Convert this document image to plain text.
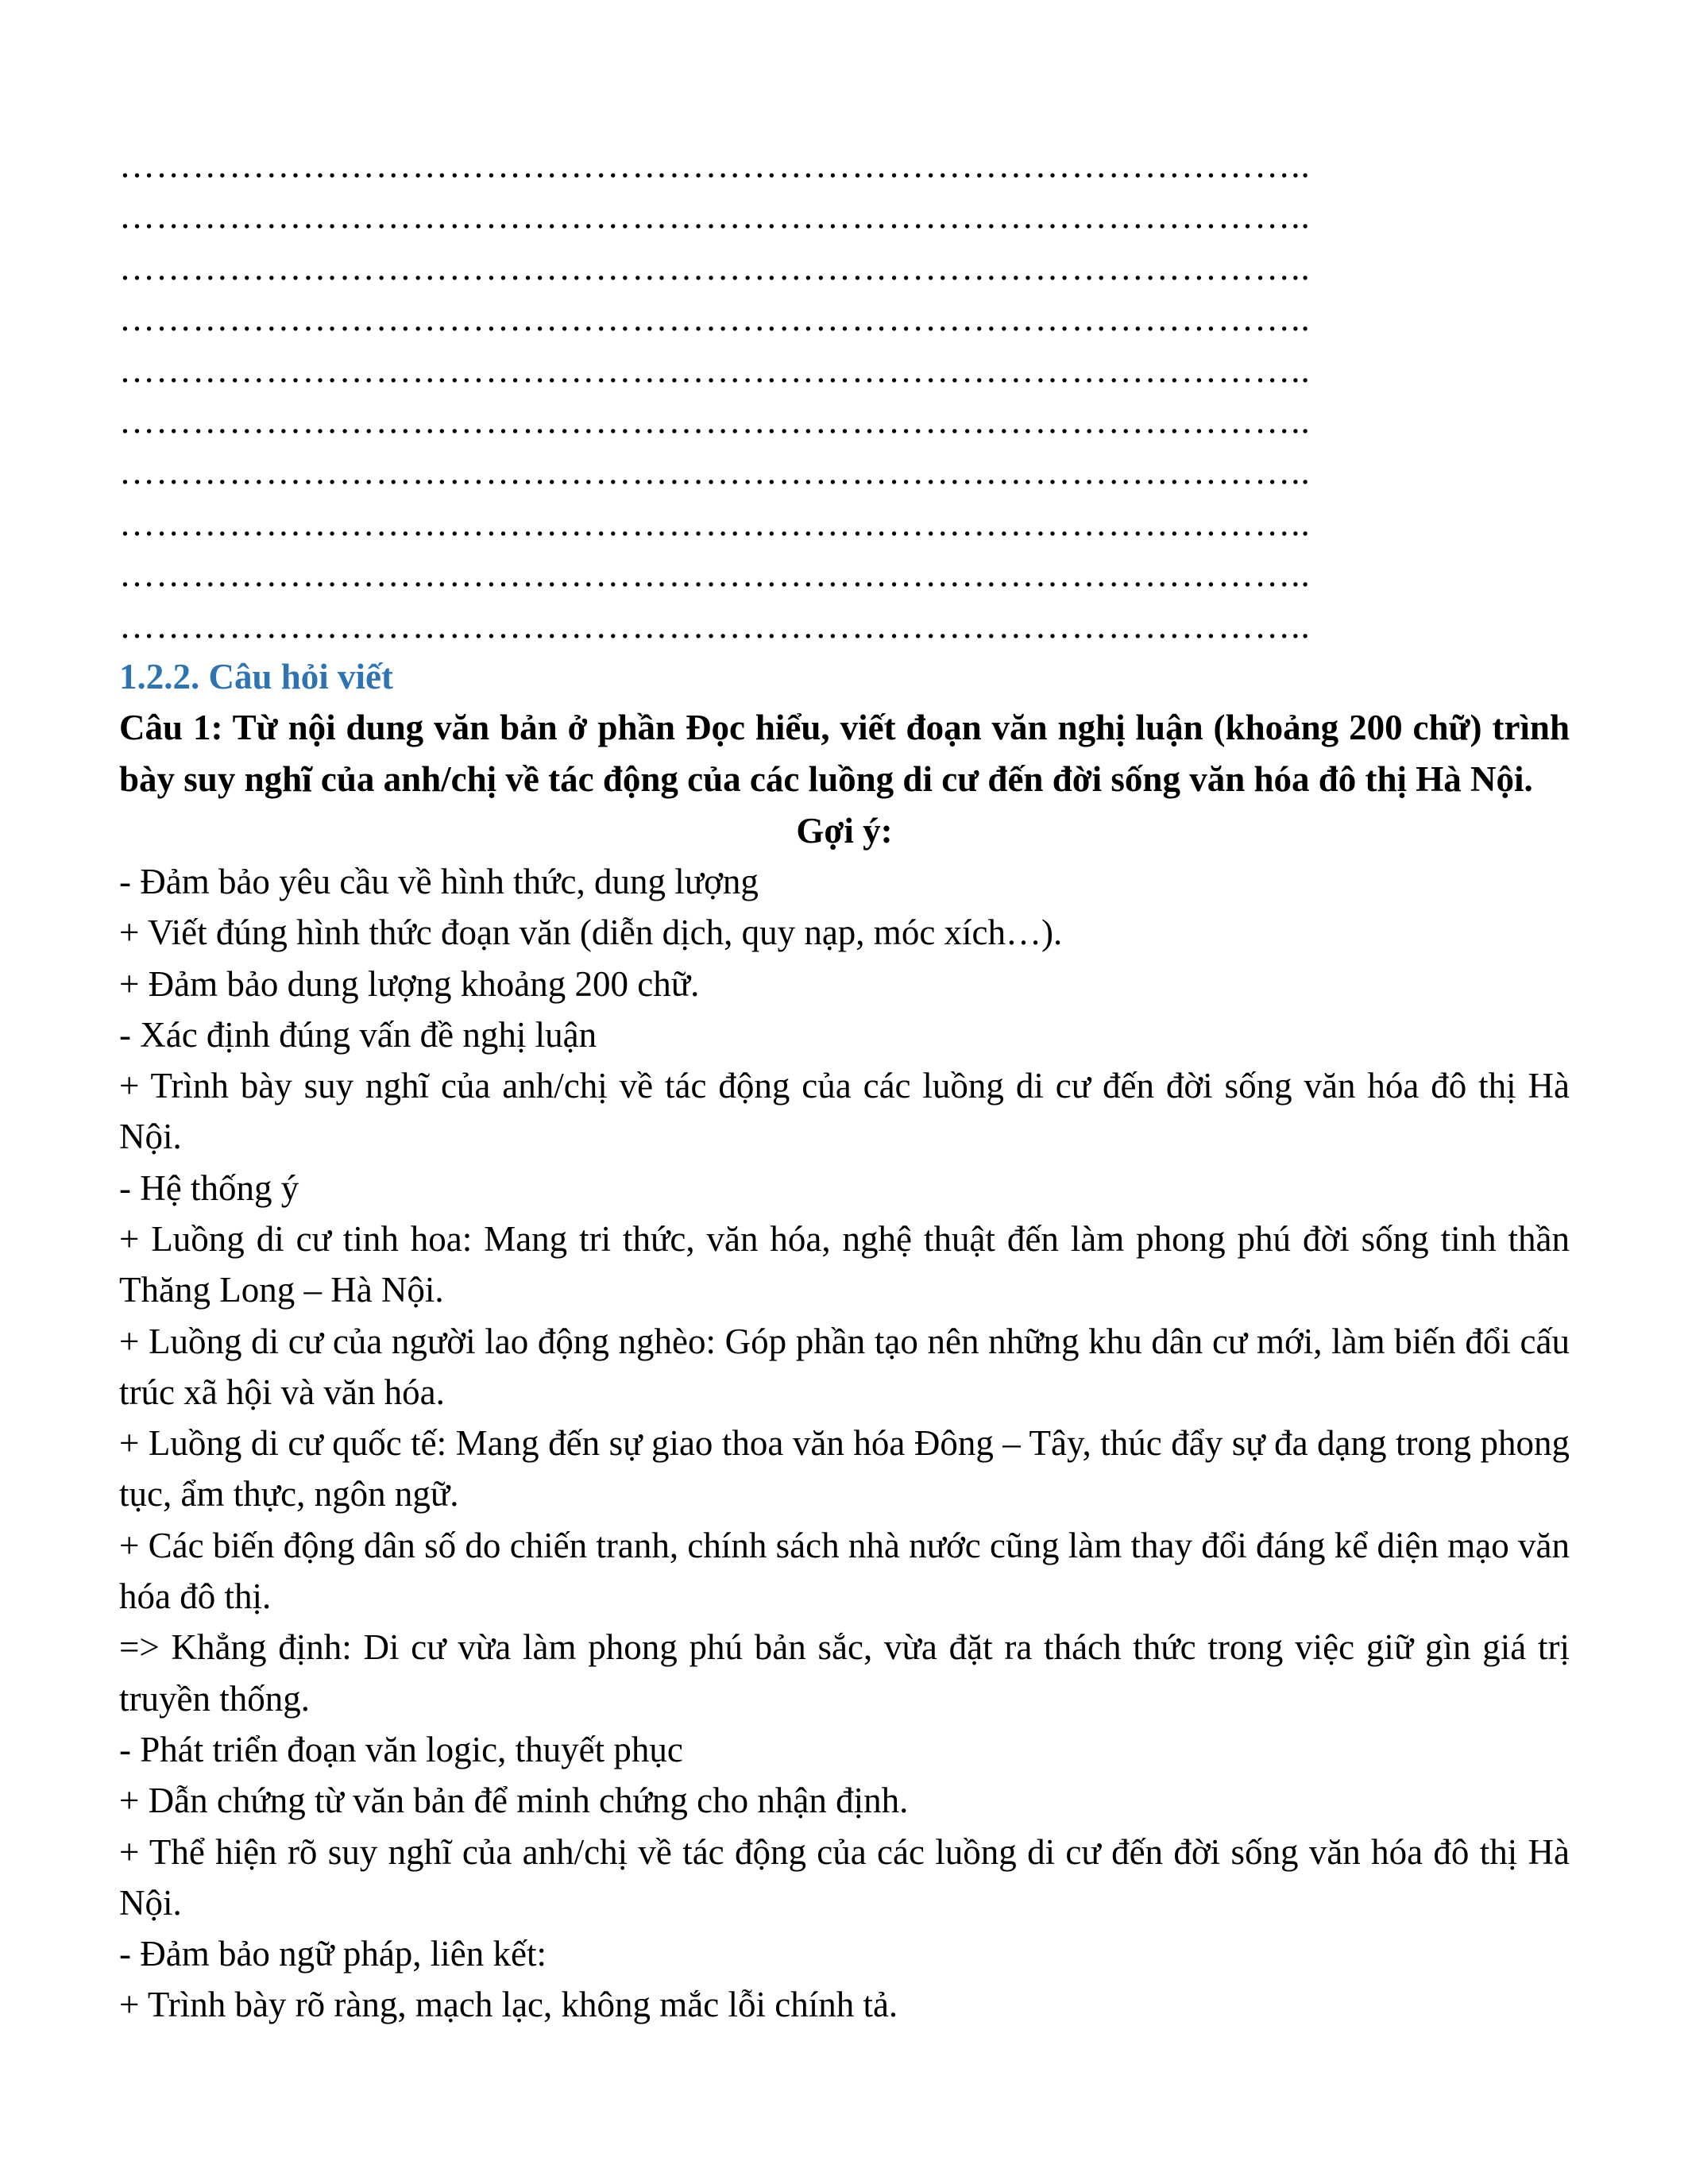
……………………………………………………………………………………..
……………………………………………………………………………………..
……………………………………………………………………………………..
……………………………………………………………………………………..
……………………………………………………………………………………..
……………………………………………………………………………………..
……………………………………………………………………………………..
……………………………………………………………………………………..
……………………………………………………………………………………..
……………………………………………………………………………………..
1.2.2. Câu hỏi viết

Câu 1: Từ nội dung văn bản ở phần Đọc hiểu, viết đoạn văn nghị luận (khoảng 200 chữ) trình bày suy nghĩ của anh/chị về tác động của các luồng di cư đến đời sống văn hóa đô thị Hà Nội.

Gợi ý:

- Đảm bảo yêu cầu về hình thức, dung lượng

+ Viết đúng hình thức đoạn văn (diễn dịch, quy nạp, móc xích…).

+ Đảm bảo dung lượng khoảng 200 chữ.

- Xác định đúng vấn đề nghị luận

+ Trình bày suy nghĩ của anh/chị về tác động của các luồng di cư đến đời sống văn hóa đô thị Hà Nội.

- Hệ thống ý

+ Luồng di cư tinh hoa: Mang tri thức, văn hóa, nghệ thuật đến làm phong phú đời sống tinh thần Thăng Long – Hà Nội.

+ Luồng di cư của người lao động nghèo: Góp phần tạo nên những khu dân cư mới, làm biến đổi cấu trúc xã hội và văn hóa.

+ Luồng di cư quốc tế: Mang đến sự giao thoa văn hóa Đông – Tây, thúc đẩy sự đa dạng trong phong tục, ẩm thực, ngôn ngữ.

+ Các biến động dân số do chiến tranh, chính sách nhà nước cũng làm thay đổi đáng kể diện mạo văn hóa đô thị.

=> Khẳng định: Di cư vừa làm phong phú bản sắc, vừa đặt ra thách thức trong việc giữ gìn giá trị truyền thống.

- Phát triển đoạn văn logic, thuyết phục

+ Dẫn chứng từ văn bản để minh chứng cho nhận định.

+ Thể hiện rõ suy nghĩ của anh/chị về tác động của các luồng di cư đến đời sống văn hóa đô thị Hà Nội.

- Đảm bảo ngữ pháp, liên kết:

+ Trình bày rõ ràng, mạch lạc, không mắc lỗi chính tả.
